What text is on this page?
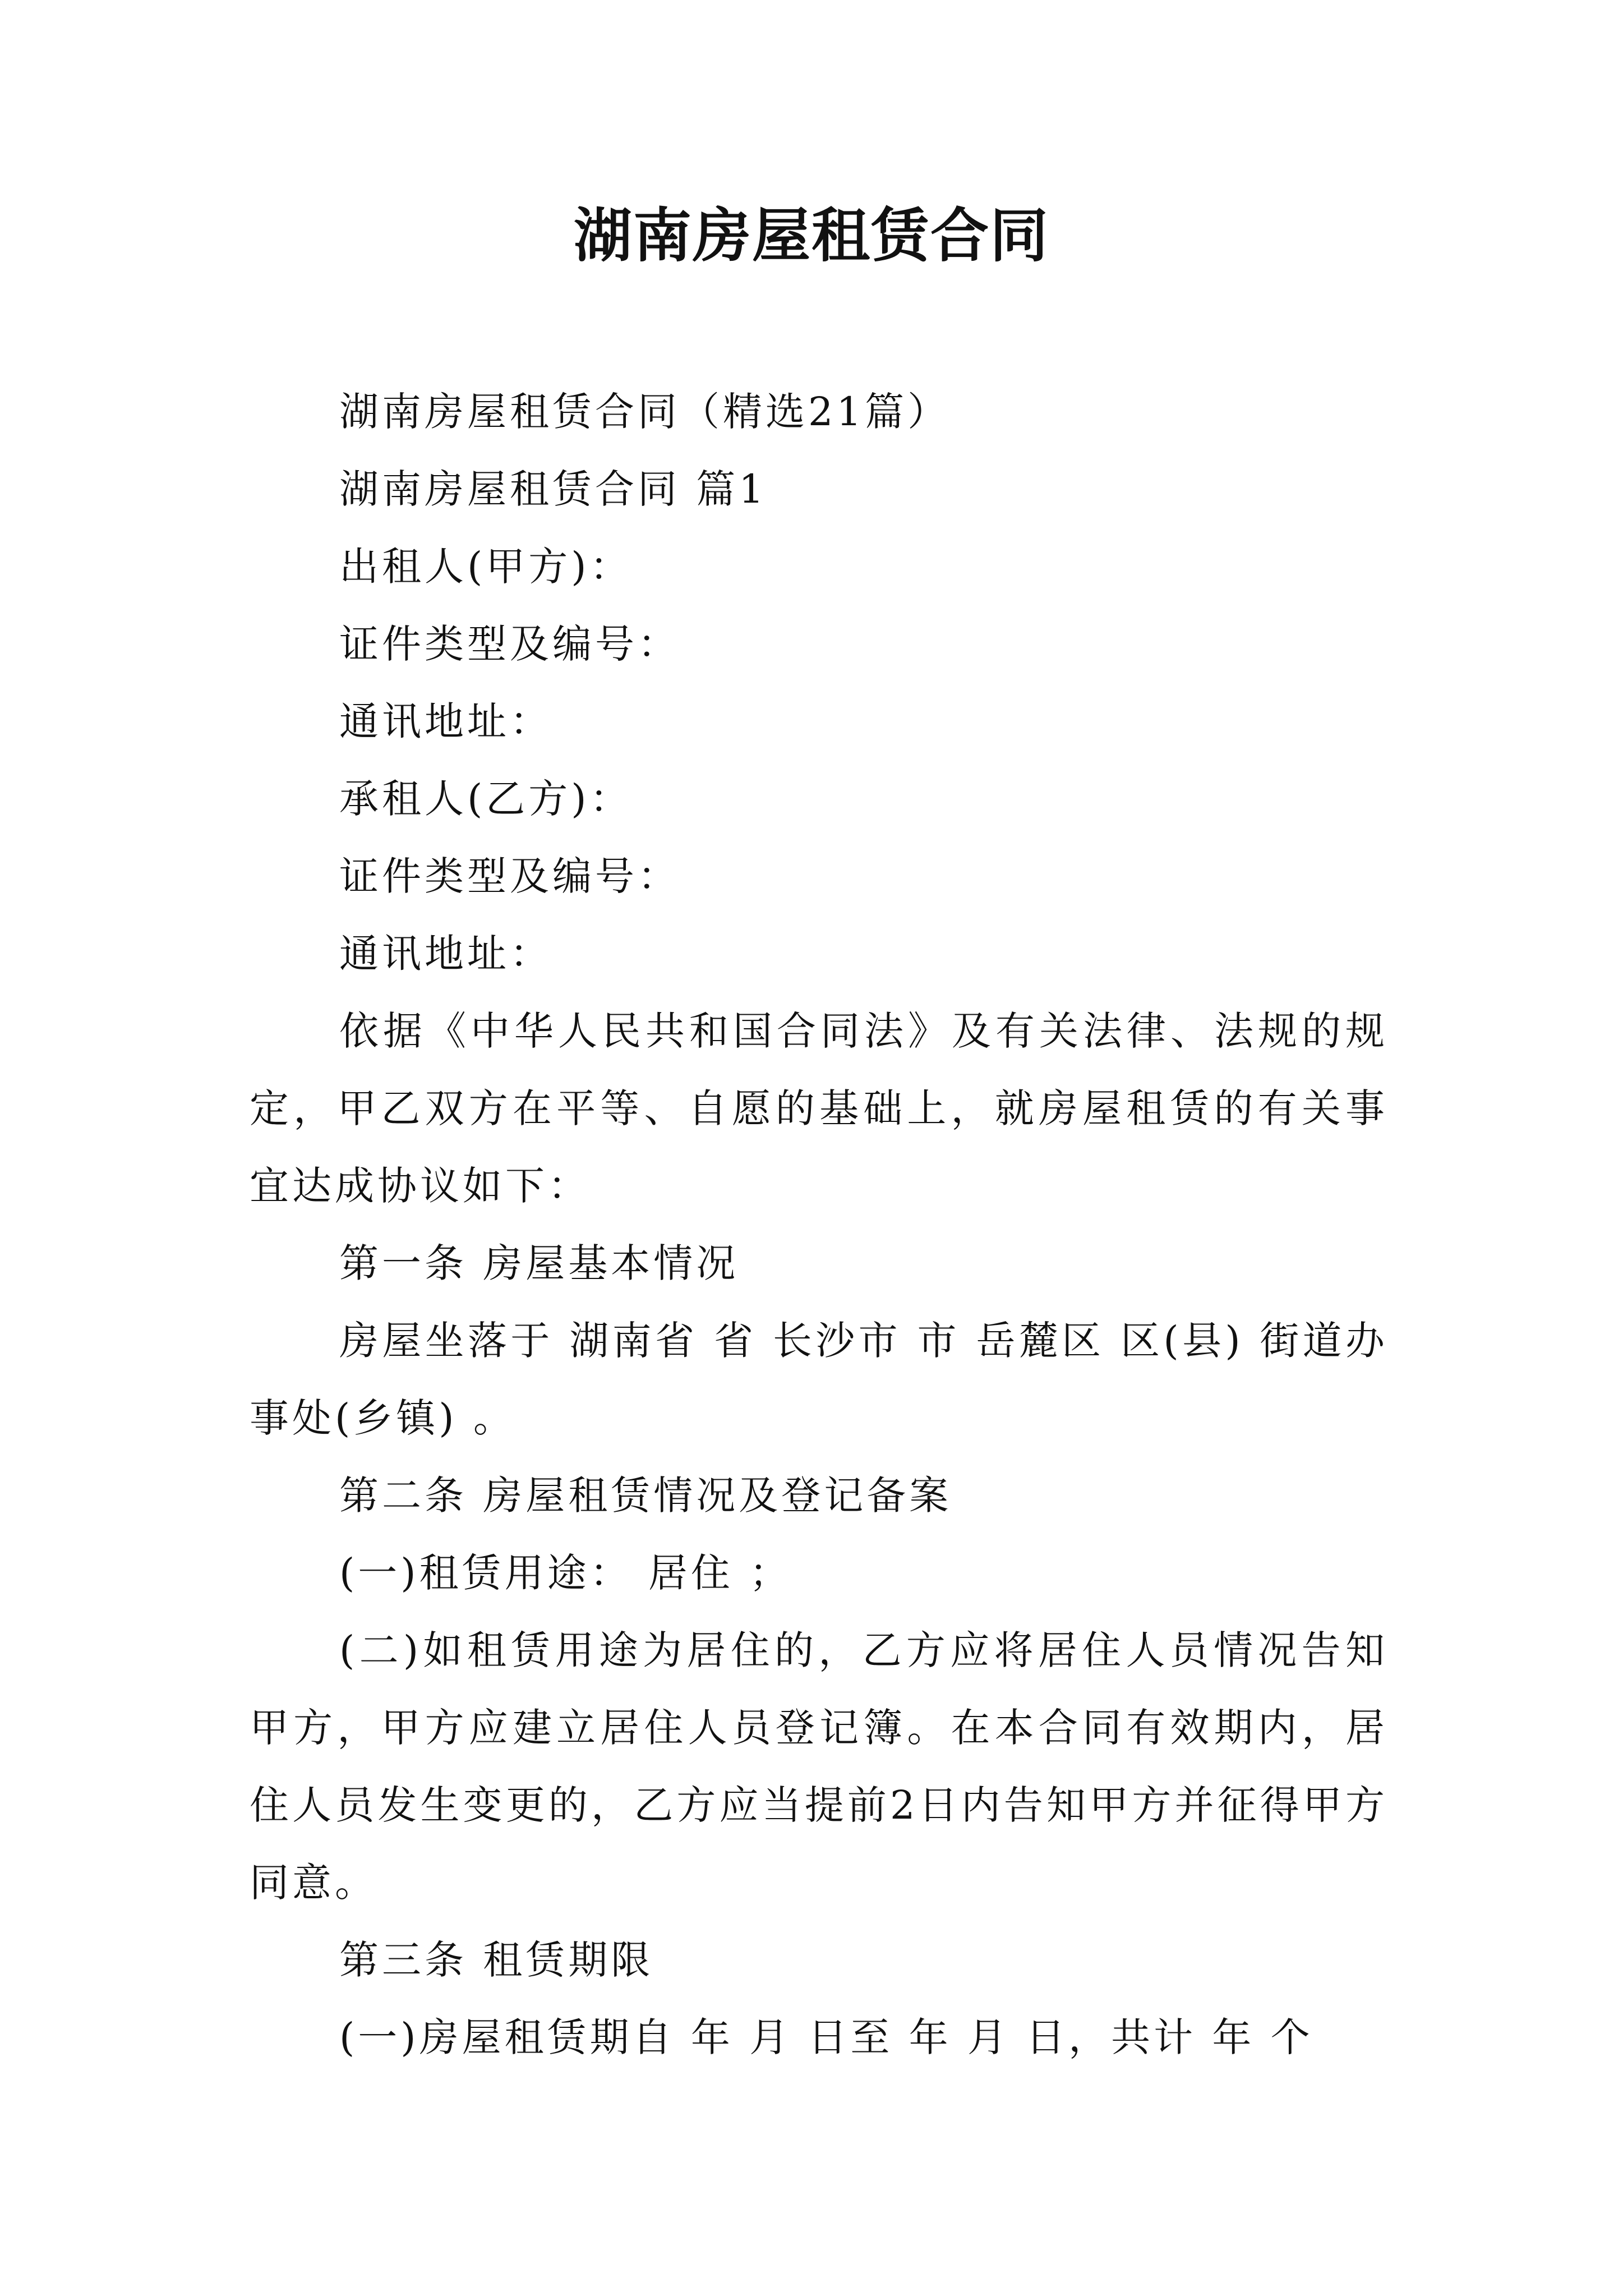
湖南房屋租赁合同

湖南房屋租赁合同（精选21篇）

湖南房屋租赁合同 篇1

出租人(甲方)：

证件类型及编号：

通讯地址：

承租人(乙方)：

证件类型及编号：

通讯地址：

依据《中华人民共和国合同法》及有关法律、法规的规定，甲乙双方在平等、自愿的基础上，就房屋租赁的有关事宜达成协议如下：

第一条 房屋基本情况

房屋坐落于 湖南省 省 长沙市 市 岳麓区 区(县) 街道办事处(乡镇) 。

第二条 房屋租赁情况及登记备案

(一)租赁用途： 居住 ；

(二)如租赁用途为居住的，乙方应将居住人员情况告知甲方，甲方应建立居住人员登记簿。在本合同有效期内，居住人员发生变更的，乙方应当提前2日内告知甲方并征得甲方同意。

第三条 租赁期限

(一)房屋租赁期自 年 月 日至 年 月 日，共计 年 个
